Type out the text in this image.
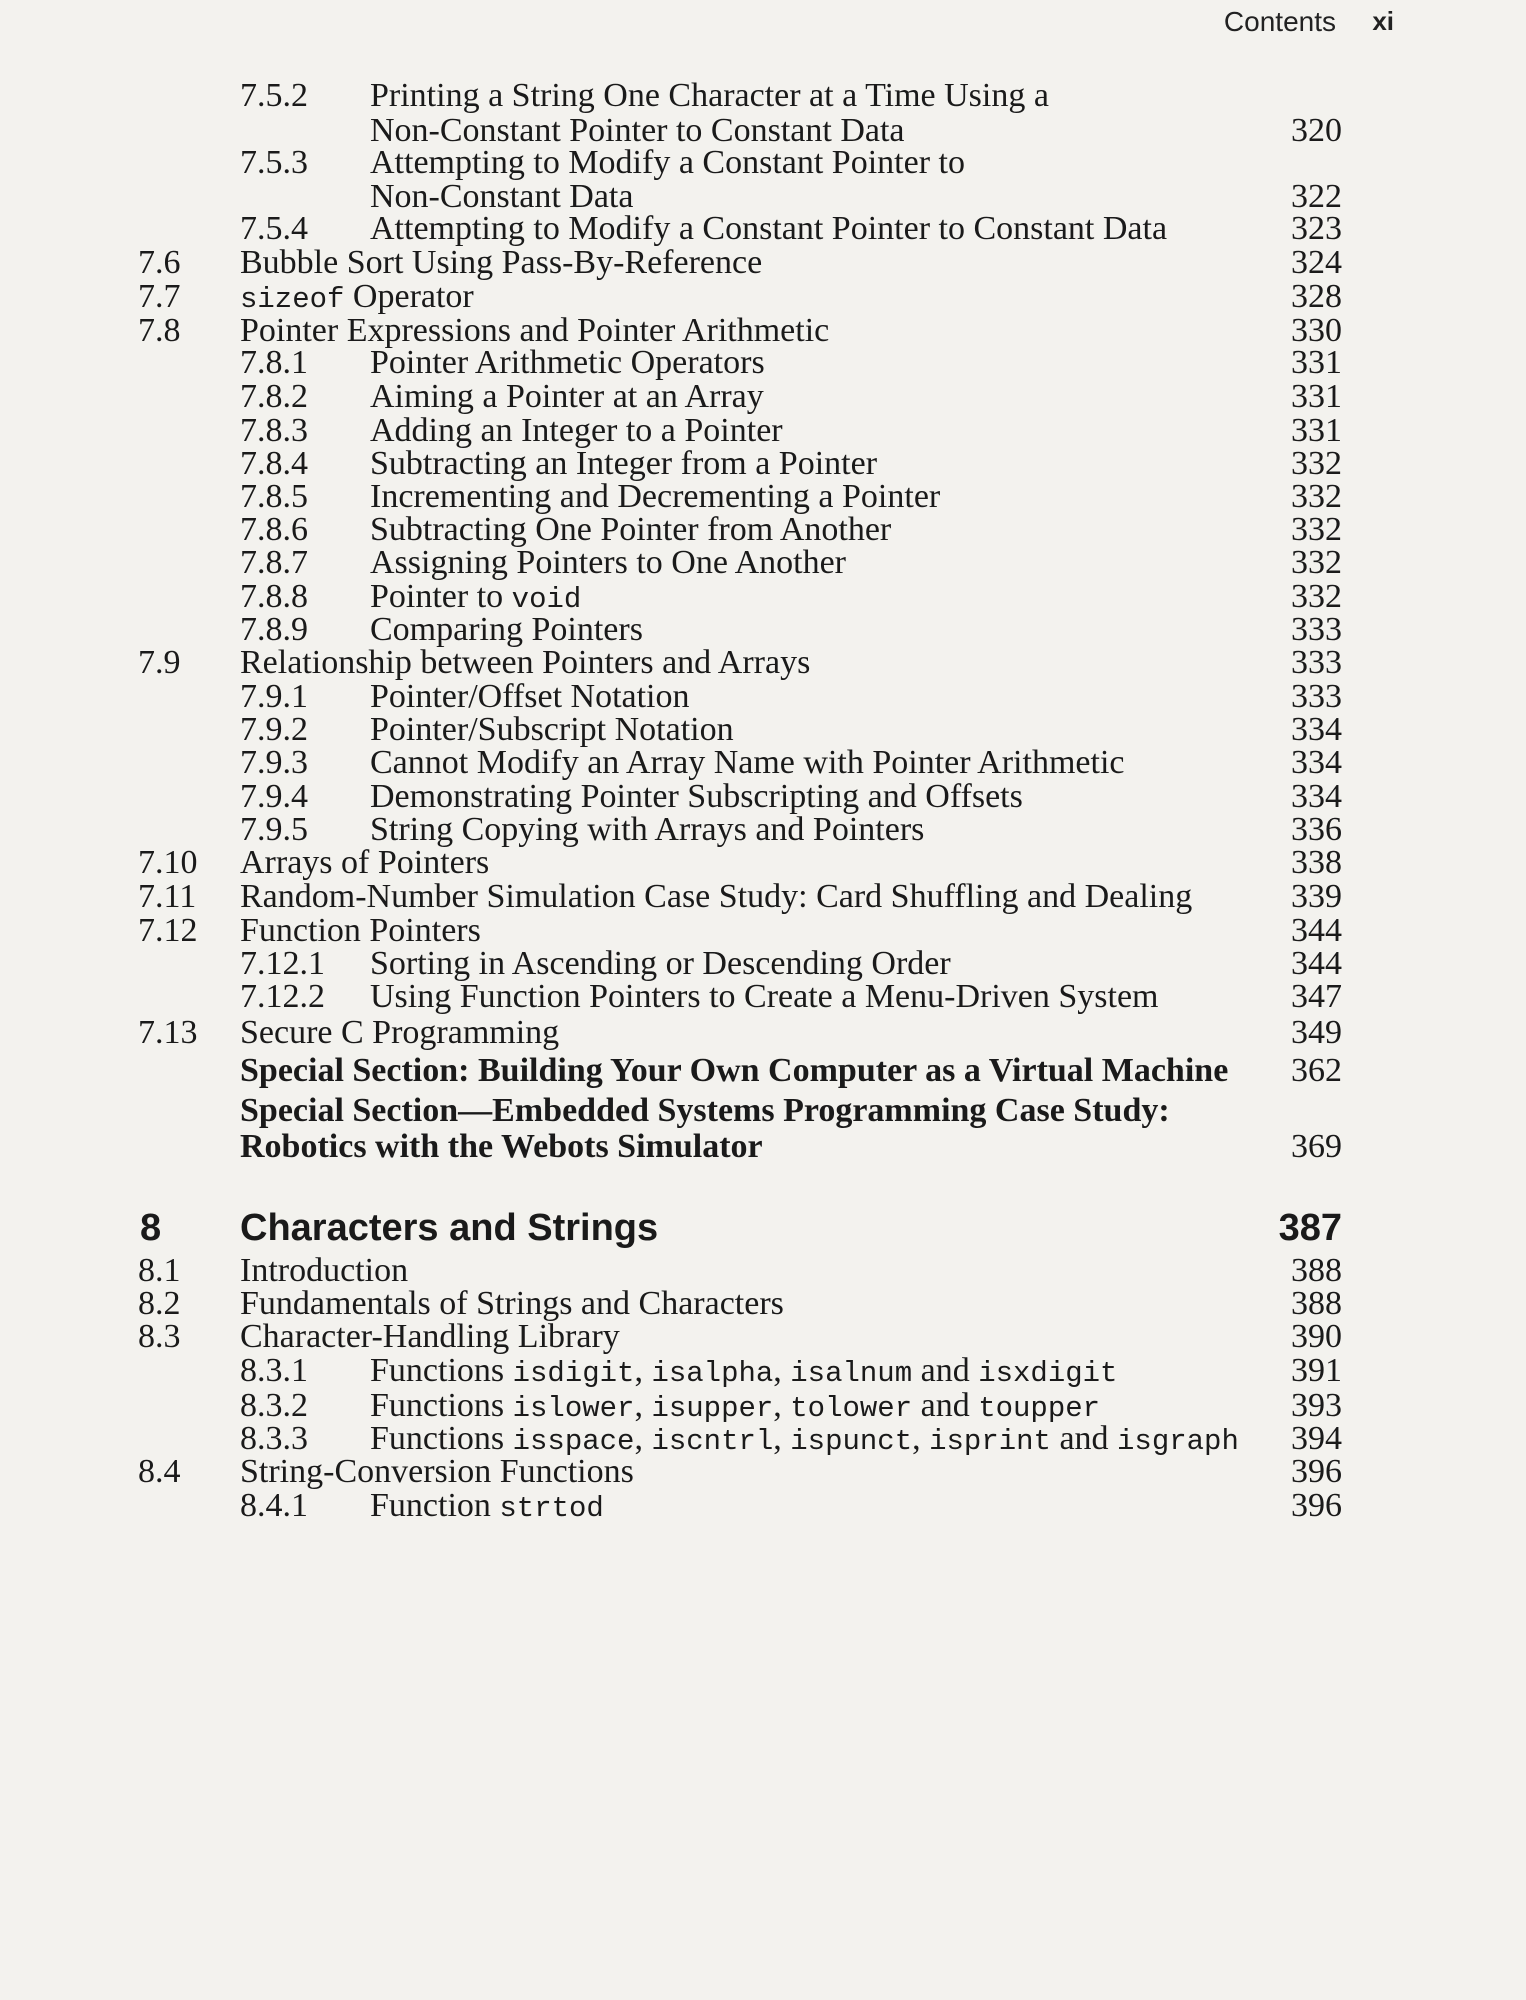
Contents xi
7.5.2 Printing a String One Character at a Time Using a
Non-Constant Pointer to Constant Data	320
7.5.3 Attempting to Modify a Constant Pointer to
Non-Constant Data	322
7.5.4 Attempting to Modify a Constant Pointer to Constant Data	323
7.6 Bubble Sort Using Pass-By-Reference	324
7.7 sizeof Operator	328
7.8 Pointer Expressions and Pointer Arithmetic	330
7.8.1 Pointer Arithmetic Operators	331
7.8.2 Aiming a Pointer at an Array	331
7.8.3 Adding an Integer to a Pointer	331
7.8.4 Subtracting an Integer from a Pointer	332
7.8.5 Incrementing and Decrementing a Pointer	332
7.8.6 Subtracting One Pointer from Another	332
7.8.7 Assigning Pointers to One Another	332
7.8.8 Pointer to void	332
7.8.9 Comparing Pointers	333
7.9 Relationship between Pointers and Arrays	333
7.9.1 Pointer/Offset Notation	333
7.9.2 Pointer/Subscript Notation	334
7.9.3 Cannot Modify an Array Name with Pointer Arithmetic	334
7.9.4 Demonstrating Pointer Subscripting and Offsets	334
7.9.5 String Copying with Arrays and Pointers	336
7.10 Arrays of Pointers	338
7.11 Random-Number Simulation Case Study: Card Shuffling and Dealing	339
7.12 Function Pointers	344
7.12.1 Sorting in Ascending or Descending Order	344
7.12.2 Using Function Pointers to Create a Menu-Driven System	347
7.13 Secure C Programming	349
Special Section: Building Your Own Computer as a Virtual Machine 362
Special Section—Embedded Systems Programming Case Study:
Robotics with the Webots Simulator	369
8 Characters and Strings	387
8.1 Introduction	388
8.2 Fundamentals of Strings and Characters	388
8.3 Character-Handling Library	390
8.3.1 Functions isdigit, isalpha, isalnum and isxdigit	391
8.3.2 Functions islower, isupper, tolower and toupper	393
8.3.3 Functions isspace, iscntrl, ispunct, isprint and isgraph 394
8.4 String-Conversion Functions	396
8.4.1 Function strtod	396
